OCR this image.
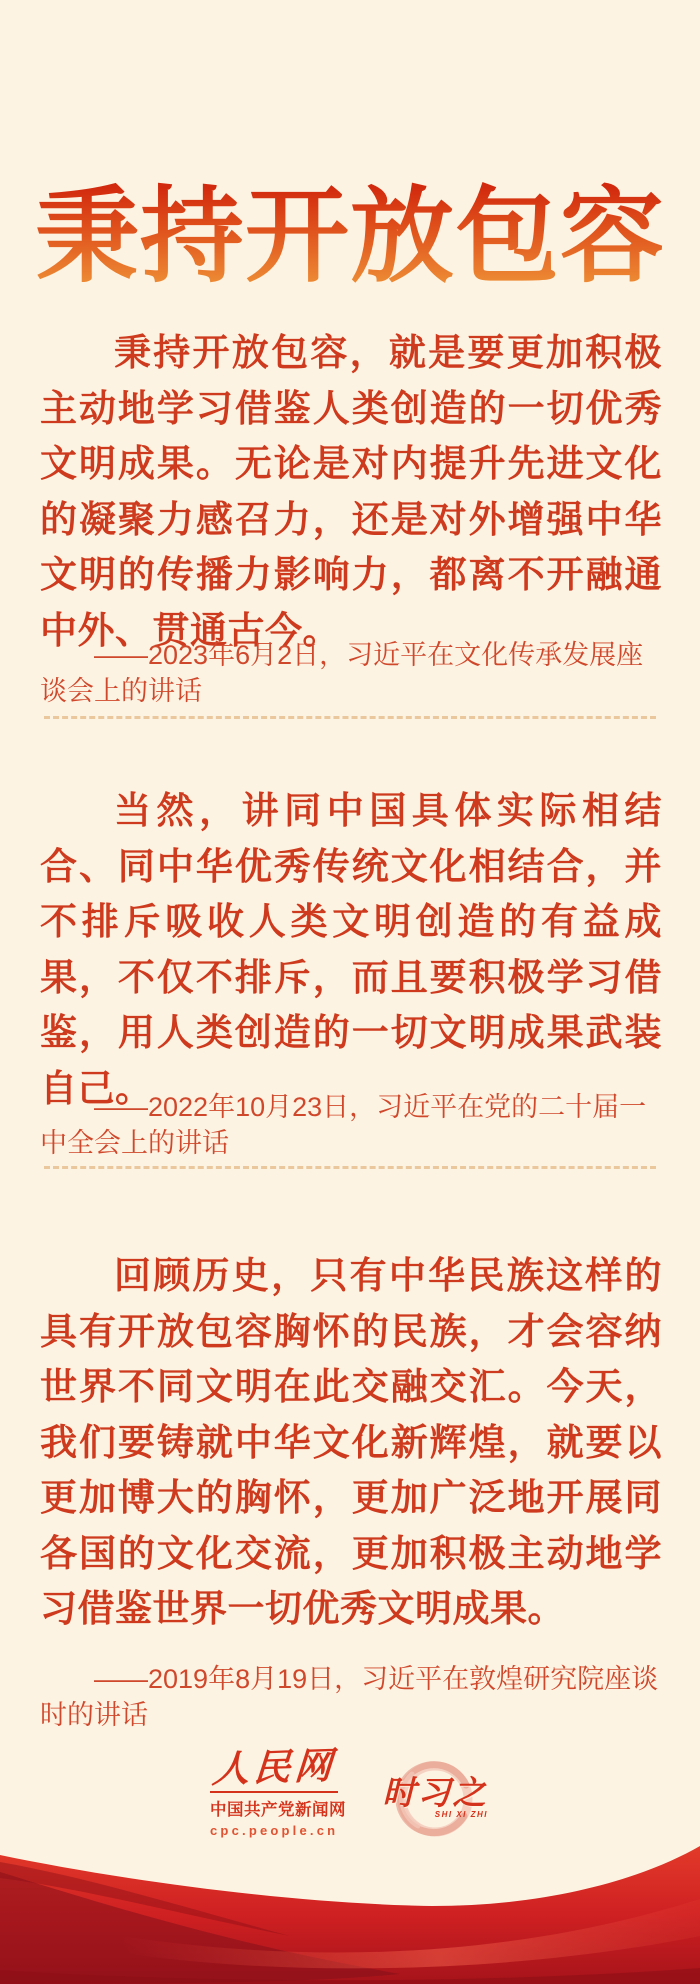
秉持开放包容

秉持开放包容，就是要更加积极主动地学习借鉴人类创造的一切优秀文明成果。无论是对内提升先进文化的凝聚力感召力，还是对外增强中华文明的传播力影响力，都离不开融通中外、贯通古今。

——2023年6月2日，习近平在文化传承发展座谈会上的讲话

当然，讲同中国具体实际相结合、同中华优秀传统文化相结合，并不排斥吸收人类文明创造的有益成果，不仅不排斥，而且要积极学习借鉴，用人类创造的一切文明成果武装自己。

——2022年10月23日，习近平在党的二十届一中全会上的讲话

回顾历史，只有中华民族这样的具有开放包容胸怀的民族，才会容纳世界不同文明在此交融交汇。今天，我们要铸就中华文化新辉煌，就要以更加博大的胸怀，更加广泛地开展同各国的文化交流，更加积极主动地学习借鉴世界一切优秀文明成果。

——2019年8月19日，习近平在敦煌研究院座谈时的讲话

人民网
中国共产党新闻网
cpc.people.cn
时习之
SHI XI ZHI
